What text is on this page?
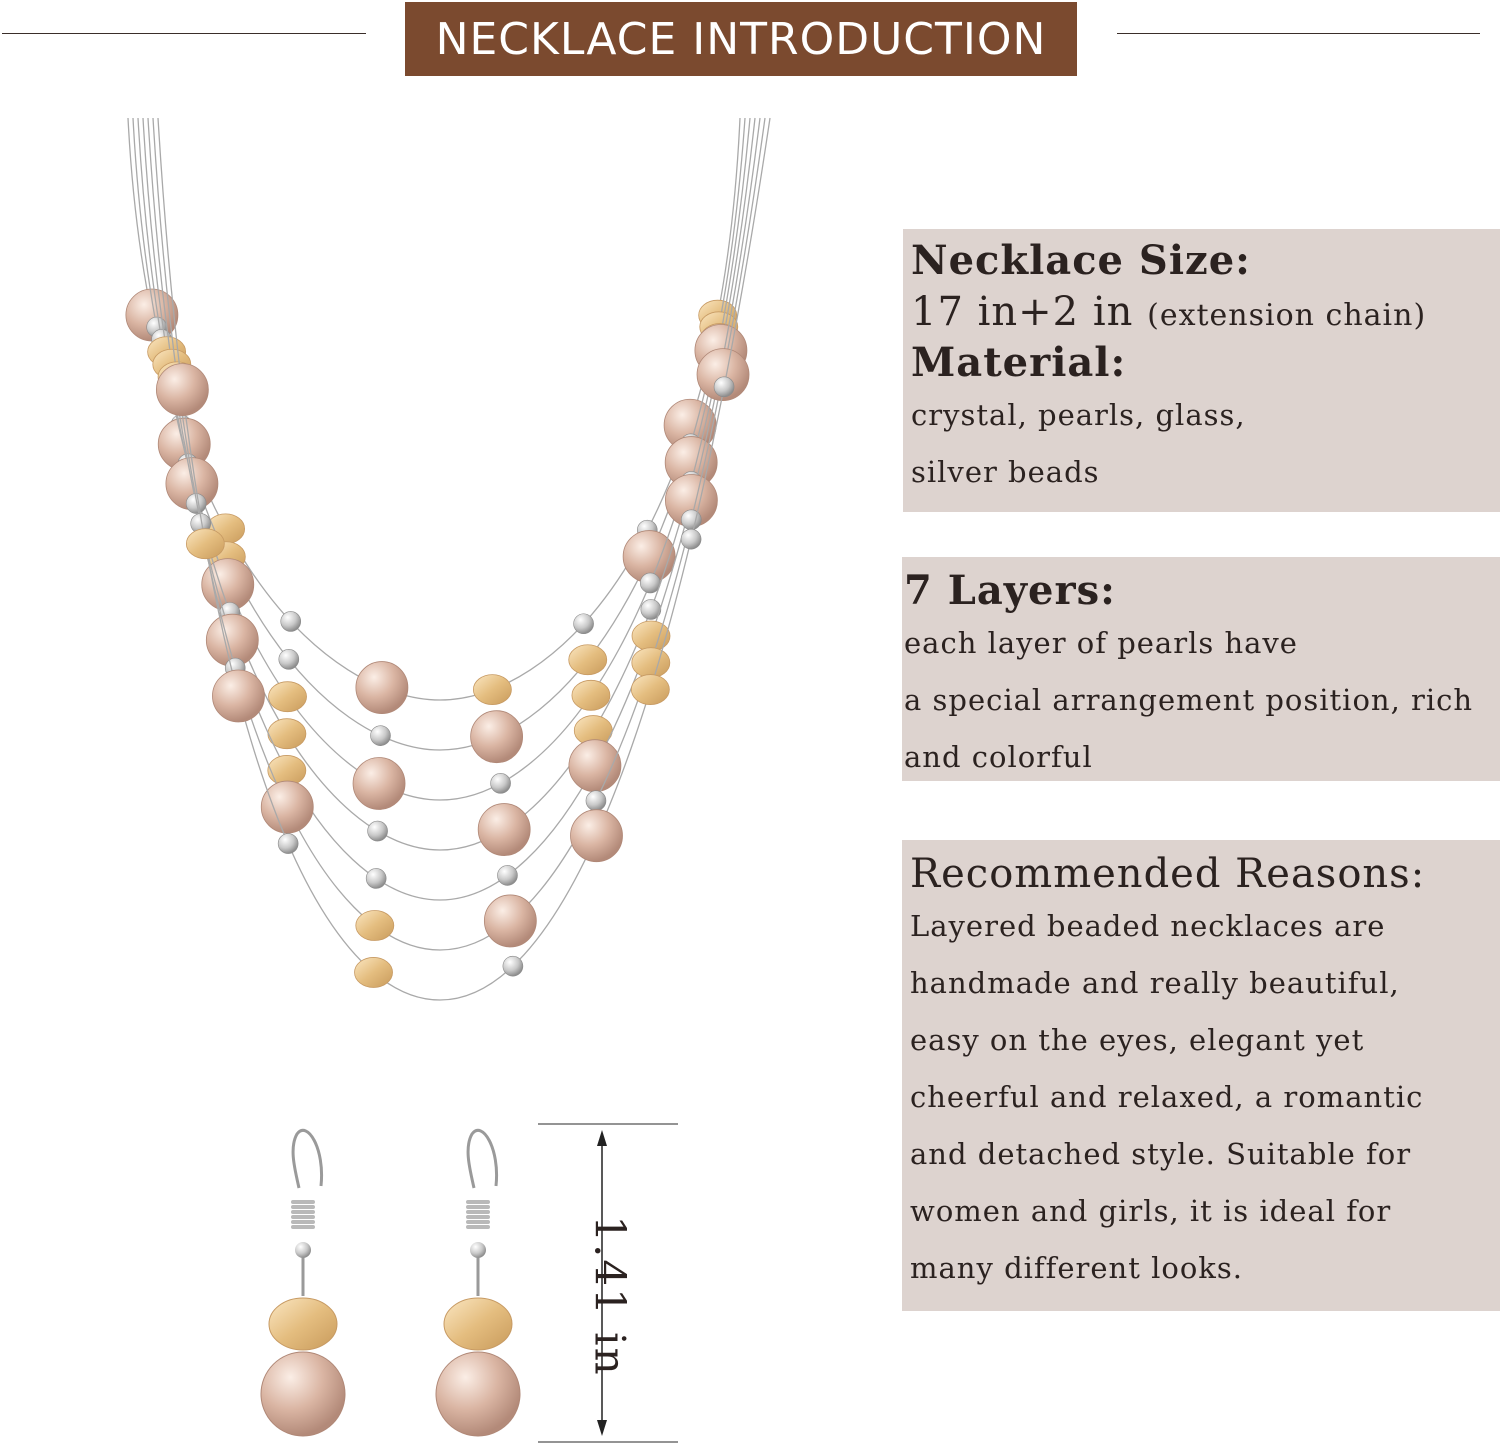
NECKLACE INTRODUCTION
1.41 in
Necklace Size:
17 in+2 in (extension chain)
Material:
crystal, pearls, glass,
silver beads
7 Layers:
each layer of pearls have
a special arrangement position, rich
and colorful
Recommended Reasons:
Layered beaded necklaces are
handmade and really beautiful,
easy on the eyes, elegant yet
cheerful and relaxed, a romantic
and detached style. Suitable for
women and girls, it is ideal for
many different looks.
